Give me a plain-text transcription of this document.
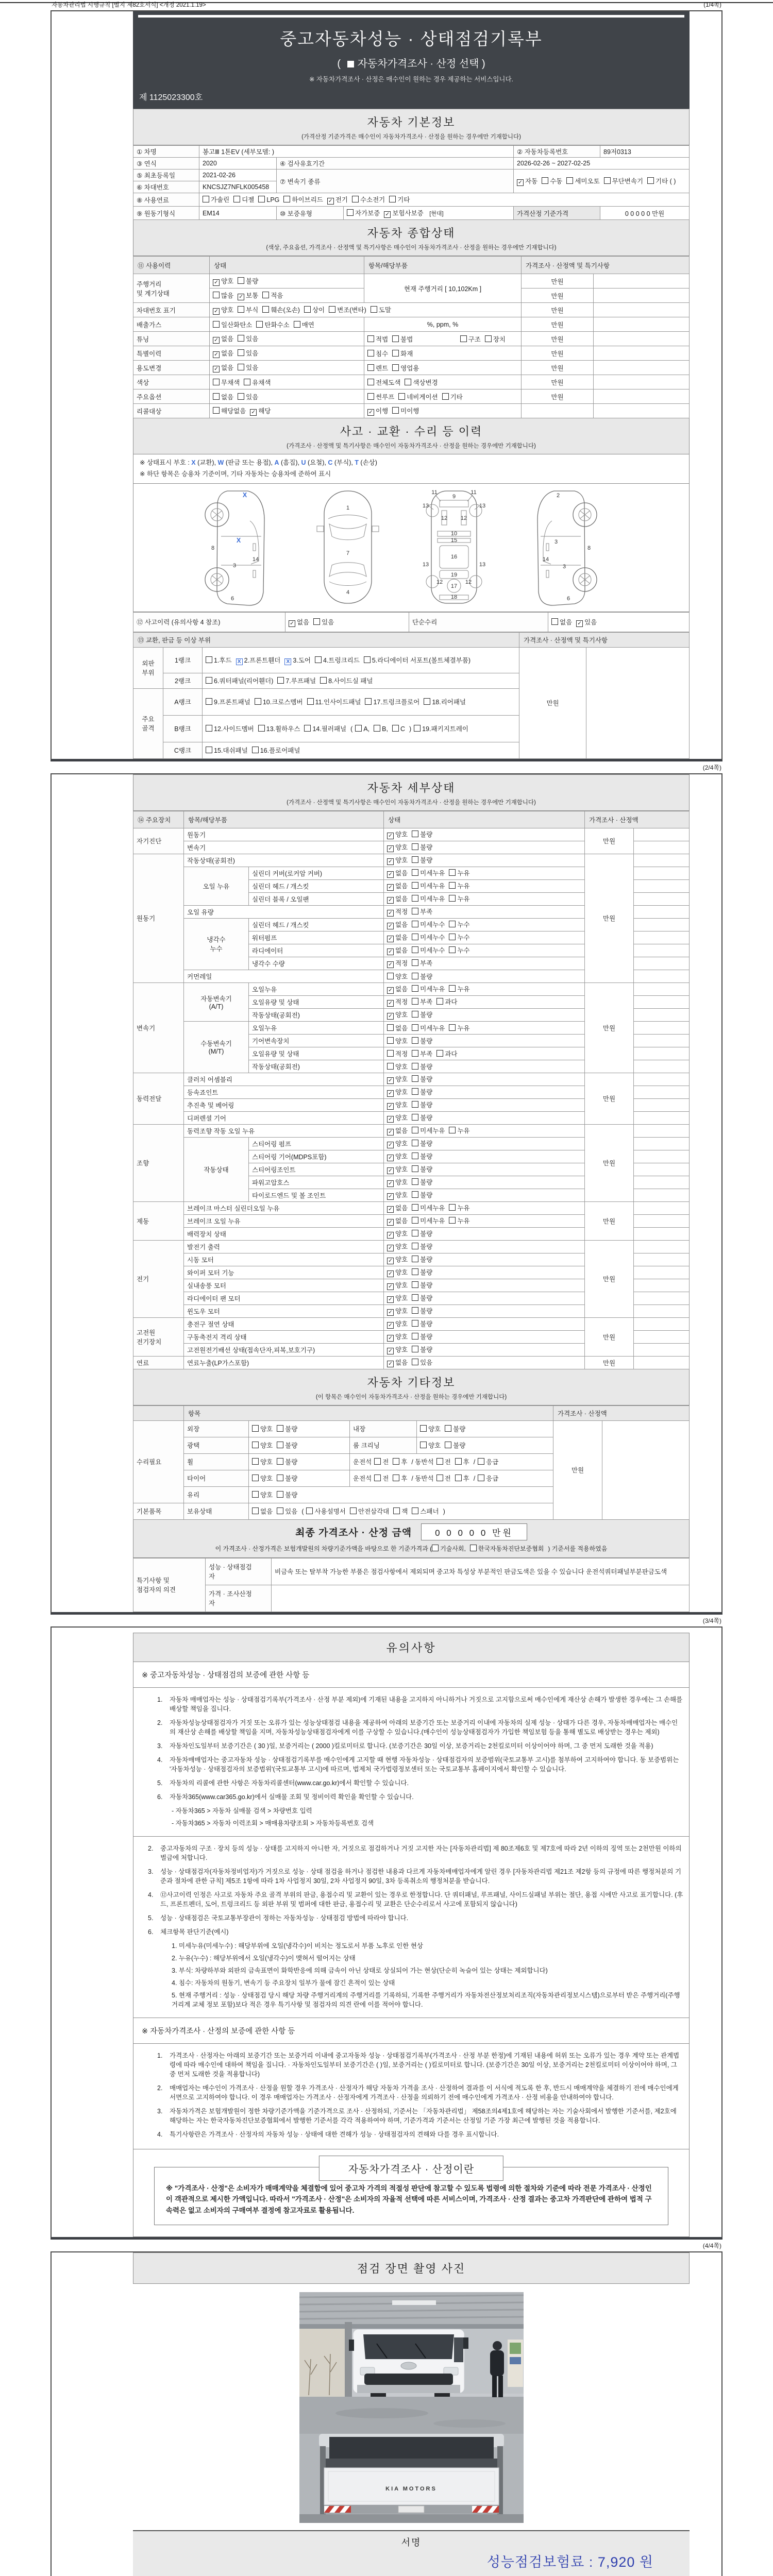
자동차관리법 시행규칙 [별지 제82호서식] <개정 2021.1.19>	(1/4쪽)
중고자동차성능 · 상태점검기록부
( 자동차가격조사 · 산정 선택 )
※ 자동차가격조사 · 산정은 매수인이 원하는 경우 제공하는 서비스입니다.
제 1125023300호
자동차 기본정보
(가격산정 기준가격은 매수인이 자동차가격조사 · 산정을 원하는 경우에만 기재합니다)
① 차명	봉고Ⅲ 1톤EV (세부모델: )			② 자동차등록번호	89저0313
③ 연식	2020	④ 검사유효기간		2026-02-26 ~ 2027-02-25	
⑤ 최초등록일	2021-02-26	⑦ 변속기 종류		✓ 자동 수동 세미오토 무단변속기 기타 ( )	
⑥ 차대번호	KNCSJZ7NFLK005458				
⑧ 사용연료	가솔린 디젤 LPG 하이브리드 ✓ 전기 수소전기 기타				
⑨ 원동기형식	EM14	⑩ 보증유형	자가보증 ✓ 보험사보증 [현대]	가격산정 기준가격	0 0 0 0 0 만원
자동차 종합상태
(색상, 주요옵션, 가격조사 · 산정액 및 특기사항은 매수인이 자동차가격조사 · 산정을 원하는 경우에만 기재합니다)
⑪ 사용이력	상태	항목/해당부품	가격조사 · 산정액 및 특기사항	
주행거리
및 계기상태	✓ 양호 불량	현재 주행거리 [ 10,102Km ]	만원	
	많음 ✓ 보통 적음		만원	
차대번호 표기	✓ 양호 부식 훼손(오손) 상이 변조(변타) 도말		만원	
배출가스	일산화탄소 탄화수소 매연	%, ppm, %	만원	
튜닝	✓ 없음 있음	적법 불법 구조 장치	만원	
특별이력	✓ 없음 있음	침수 화재	만원	
용도변경	✓ 없음 있음	렌트 영업용	만원	
색상	무채색 유채색	전체도색 색상변경	만원	
주요옵션	없음 있음	썬루프 네비게이션 기타	만원	
리콜대상	해당없음 ✓ 해당	✓ 이행 미이행		
사고 · 교환 · 수리 등 이력
(가격조사 · 산정액 및 특기사항은 매수인이 자동차가격조사 · 산정을 원하는 경우에만 기재합니다)
※ 상태표시 부호 : X (교환), W (판금 또는 용접), A (흠집), U (요철), C (부식), T (손상)
※ 하단 항목은 승용차 기준이며, 기타 자동차는 승용차에 준하여 표시
X
8
X
14
3
6
1
7
4
11
9
11
13	13
12 12
10
15
16
13
19
13
12
17
12
18
2
3
8
14
3
6
⑫ 사고이력 (유의사항 4 참조)	✓ 없음 있음	단순수리	없음 ✓ 있음
⑬ 교환, 판금 등 이상 부위			가격조사 · 산정액 및 특기사항	
외판
부위	1랭크	1.후드 X 2.프론트휀더 X 3.도어 4.트렁크리드 5.라디에이터 서포트(볼트체결부품)	만원	
	2랭크	6.쿼터패널(리어휀더) 7.루프패널 8.사이드실 패널		
주요
골격	A랭크	9.프론트패널 10.크로스멤버 11.인사이드패널 17.트렁크플로어 18.리어패널		
	B랭크	12.사이드멤버 13.휠하우스 14.필러패널 ( A, B, C ) 19.패키지트레이		
	C랭크	15.대쉬패널 16.플로어패널		
(2/4쪽)
자동차 세부상태
(가격조사 · 산정액 및 특기사항은 매수인이 자동차가격조사 · 산정을 원하는 경우에만 기재합니다)
⑭ 주요장치	항목/해당부품		상태	가격조사 · 산정액	
자기진단	원동기		✓ 양호 불량	만원	
	변속기		✓ 양호 불량		
원동기	작동상태(공회전)		✓ 양호 불량	만원	
	오일 누유	실린더 커버(로커암 커버)	✓ 없음 미세누유 누유		
		실린더 헤드 / 개스킷	✓ 없음 미세누유 누유		
		실린더 블록 / 오일팬	✓ 없음 미세누유 누유		
	오일 유량		✓ 적정 부족		
	냉각수
누수	실린더 헤드 / 개스킷	✓ 없음 미세누수 누수		
		워터펌프	✓ 없음 미세누수 누수		
		라디에이터	✓ 없음 미세누수 누수		
		냉각수 수량	✓ 적정 부족		
	커먼레일		양호 불량		
변속기	자동변속기
(A/T)	오일누유	✓ 없음 미세누유 누유	만원	
		오일유량 및 상태	✓ 적정 부족 과다		
		작동상태(공회전)	✓ 양호 불량		
	수동변속기
(M/T)	오일누유	없음 미세누유 누유		
		기어변속장치	양호 불량		
		오일유량 및 상태	적정 부족 과다		
		작동상태(공회전)	양호 불량		
동력전달	클러치 어셈블리		✓ 양호 불량	만원	
	등속죠인트		✓ 양호 불량		
	추진축 및 베어링		✓ 양호 불량		
	디퍼렌셜 기어		✓ 양호 불량		
조향	동력조향 작동 오일 누유		✓ 없음 미세누유 누유	만원	
	작동상태	스티어링 펌프	✓ 양호 불량		
		스티어링 기어(MDPS포함)	✓ 양호 불량		
		스티어링조인트	✓ 양호 불량		
		파워고압호스	✓ 양호 불량		
		타이로드엔드 및 볼 조인트	✓ 양호 불량		
제동	브레이크 마스터 실린더오일 누유		✓ 없음 미세누유 누유	만원	
	브레이크 오일 누유		✓ 없음 미세누유 누유		
	배력장치 상태		✓ 양호 불량		
전기	발전기 출력		✓ 양호 불량	만원	
	시동 모터		✓ 양호 불량		
	와이퍼 모터 기능		✓ 양호 불량		
	실내송풍 모터		✓ 양호 불량		
	라디에이터 팬 모터		✓ 양호 불량		
	윈도우 모터		✓ 양호 불량		
고전원
전기장치	충전구 절연 상태		✓ 양호 불량	만원	
	구동축전지 격리 상태		✓ 양호 불량		
	고전원전기배선 상태(접속단자,피복,보호기구)		✓ 양호 불량		
연료	연료누출(LP가스포함)		✓ 없음 있음	만원	
자동차 기타정보
(이 항목은 매수인이 자동차가격조사 · 산정을 원하는 경우에만 기재합니다)
	항목				가격조사 · 산정액	
수리필요	외장	양호 불량	내장	양호 불량	만원	
	광택	양호 불량	룸 크리닝	양호 불량		
	휠	양호 불량	운전석 전 후 / 동반석 전 후 / 응급			
	타이어	양호 불량	운전석 전 후 / 동반석 전 후 / 응급			
	유리	양호 불량				
기본품목	보유상태	없음 있음 ( 사용설명서 안전삼각대 잭 스패너 )				
최종 가격조사 · 산정 금액	0 0 0 0 0 만원
이 가격조사 · 산정가격은 보험개발원의 차량기준가액을 바탕으로 한 기준가격과 ( 기술사회, 한국자동차진단보증협회 ) 기준서를 적용하였음
특기사항 및
점검자의 의견	성능 · 상태점검
자	비금속 또는 탈부착 가능한 부품은 점검사항에서 제외되며 중고차 특성상 부분적인 판금도색은 있을 수 있습니다 운전석쿼터패널부분판금도색
	가격 · 조사산정
자	
(3/4쪽)
유의사항
※ 중고자동차성능 · 상태점검의 보증에 관한 사항 등
1.	자동차 매매업자는 성능 · 상태점검기록부(가격조사 · 산정 부분 제외)에 기재된 내용을 고지하지 아니하거나 거짓으로 고지함으로써 매수인에게 재산상 손해가 발생한 경우에는 그 손해를 배상할 책임을 집니다.
2.	자동차성능상태점검자가 거짓 또는 오류가 있는 성능상태점검 내용을 제공하여 아래의 보증기간 또는 보증거리 이내에 자동차의 실제 성능 · 상태가 다른 경우, 자동차매매업자는 매수인의 재산상 손해를 배상할 책임을 지며, 자동차성능상태점검자에게 이를 구상할 수 있습니다.(매수인이 성능상태점검자가 가입한 책임보험 등을 통해 별도로 배상받는 경우는 제외)
3.	자동차인도일부터 보증기간은 ( 30 )일, 보증거리는 ( 2000 )킬로미터로 합니다. (보증기간은 30일 이상, 보증거리는 2천킬로미터 이상이어야 하며, 그 중 먼저 도래한 것을 적용)
4.	자동차매매업자는 중고자동차 성능 · 상태점검기록부를 매수인에게 고지할 때 현행 자동차성능 · 상태점검자의 보증범위(국토교통부 고시)를 첨부하여 고지하여야 합니다. 동 보증범위는 '자동차성능 · 상태점검자의 보증범위'(국토교통부 고시)에 따르며, 법제처 국가법령정보센터 또는 국토교통부 홈페이지에서 확인할 수 있습니다.
5.	자동차의 리콜에 관한 사항은 자동차리콜센터(www.car.go.kr)에서 확인할 수 있습니다.
6.	자동차365(www.car365.go.kr)에서 실매물 조회 및 정비이력 확인을 확인할 수 있습니다.
- 자동차365 > 자동차 실매물 검색 > 차량번호 입력
- 자동차365 > 자동차 이력조회 > 매매용차량조회 > 자동차등록번호 검색
2.	중고자동차의 구조 · 장치 등의 성능 · 상태를 고지하지 아니한 자, 거짓으로 점검하거나 거짓 고지한 자는 [자동차관리법] 제 80조제6호 및 제7호에 따라 2년 이하의 징역 또는 2천만원 이하의 벌금에 처합니다.
3.	성능 · 상태점검자(자동차정비업자)가 거짓으로 성능 · 상태 점검을 하거나 점검한 내용과 다르게 자동차매매업자에게 알린 경우 [자동차관리법 제21조 제2항 등의 규정에 따른 행정처분의 기준과 절차에 관한 규칙] 제5조 1항에 따라 1차 사업정지 30일, 2차 사업정지 90일, 3차 등록취소의 행정처분을 받습니다.
4.	⑫사고이력 인정은 사고로 자동차 주요 골격 부위의 판금, 용접수리 및 교환이 있는 경우로 한정합니다. 단 쿼터패널, 루프패널, 사이드실패널 부위는 절단, 용접 시에만 사고로 표기합니다. (후드, 프론트펜더, 도어, 트렁크리드 등 외판 부위 및 범퍼에 대한 판금, 용접수리 및 교환은 단순수리로서 사고에 포함되지 않습니다)
5.	성능 · 상태점검은 국토교통부장관이 정하는 자동차성능 · 상태점검 방법에 따라야 합니다.
6.	체크항목 판단기준(예시)
1. 미세누유(미세누수) : 해당부위에 오일(냉각수)이 비치는 정도로서 부품 노후로 인한 현상
2. 누유(누수) : 해당부위에서 오일(냉각수)이 맺혀서 떨어지는 상태
3. 부식: 차량하부와 외판의 금속표면이 화학반응에 의해 금속이 아닌 상태로 상실되어 가는 현상(단순히 녹슬어 있는 상태는 제외합니다)
4. 침수: 자동차의 원동기, 변속기 등 주요장치 일부가 물에 잠긴 흔적이 있는 상태
5. 현재 주행거리 : 성능 · 상태점검 당시 해당 차량 주행거리계의 주행거리를 기록하되, 기록한 주행거리가 자동차전산정보처리조직(자동차관리정보시스템)으로부터 받은 주행거리(주행거리계 교체 정보 포함)보다 적은 경우 특기사항 및 점검자의 의견 란에 이를 적어야 합니다.
※ 자동차가격조사 · 산정의 보증에 관한 사항 등
1.	가격조사 · 산정자는 아래의 보증기간 또는 보증거리 이내에 중고자동차 성능 · 상태점검기록부(가격조사 · 산정 부분 한정)에 기재된 내용에 허위 또는 오류가 있는 경우 계약 또는 관계법령에 따라 매수인에 대하여 책임을 집니다. · 자동차인도일부터 보증기간은 ( )일, 보증거리는 ( )킬로미터로 합니다. (보증기간은 30일 이상, 보증거리는 2천킬로미터 이상이어야 하며, 그 중 먼저 도래한 것을 적용합니다)
2.	매매업자는 매수인이 가격조사 · 산정을 원할 경우 가격조사 · 산정자가 해당 자동차 가격을 조사 · 산정하여 결과를 이 서식에 적도록 한 후, 반드시 매매계약을 체결하기 전에 매수인에게 서면으로 고지하여야 합니다. 이 경우 매매업자는 가격조사 · 산정자에게 가격조사 · 산정을 의뢰하기 전에 매수인에게 가격조사 · 산정 비용을 안내하여야 합니다.
3.	자동차가격은 보험개발원이 정한 차량기준가액을 기준가격으로 조사 · 산정하되, 기준서는 「자동차관리법」 제58조의4제1호에 해당하는 자는 기술사회에서 발행한 기준서를, 제2호에 해당하는 자는 한국자동차진단보증협회에서 발행한 기준서를 각각 적용하여야 하며, 기준가격과 기준서는 산정일 기준 가장 최근에 발행된 것을 적용합니다.
4.	특기사항란은 가격조사 · 산정자의 자동차 성능 · 상태에 대한 견해가 성능 · 상태점검자의 견해와 다를 경우 표시합니다.
자동차가격조사 · 산정이란
※ "가격조사 · 산정"은 소비자가 매매계약을 체결함에 있어 중고차 가격의 적절성 판단에 참고할 수 있도록 법령에 의한 절차와 기준에 따라 전문 가격조사 · 산정인이 객관적으로 제시한 가액입니다. 따라서 "가격조사 · 산정"은 소비자의 자율적 선택에 따른 서비스이며, 가격조사 · 산정 결과는 중고차 가격판단에 관하여 법적 구속력은 없고 소비자의 구매여부 결정에 참고자료로 활용됩니다.
(4/4쪽)
점검 장면 촬영 사진
KIA MOTORS
서명
성능점검보험료 : 7,920 원
